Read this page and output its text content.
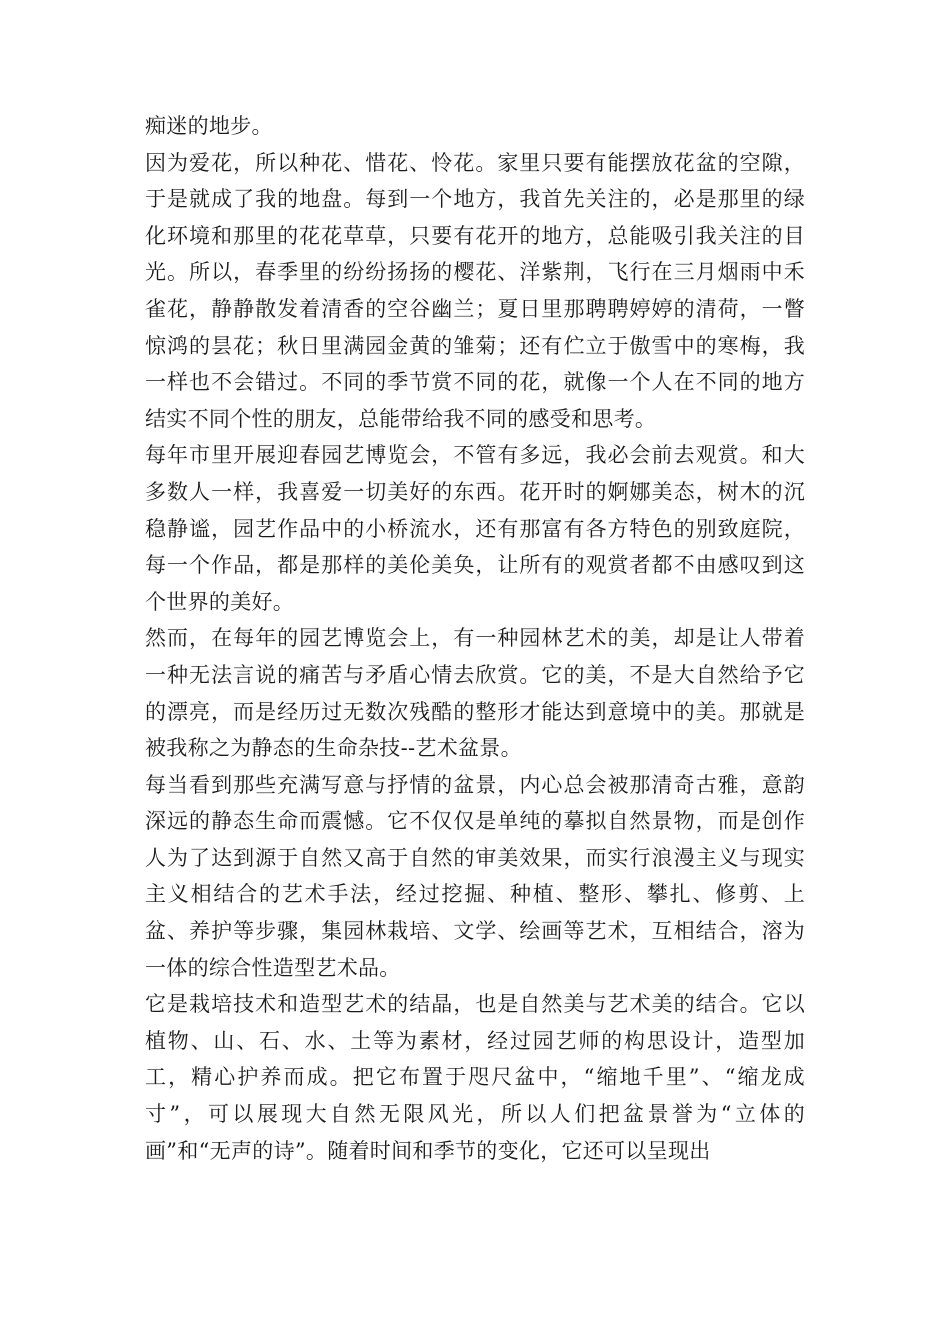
痴迷的地步。

因为爱花，所以种花、惜花、怜花。家里只要有能摆放花盆的空隙，于是就成了我的地盘。每到一个地方，我首先关注的，必是那里的绿化环境和那里的花花草草，只要有花开的地方，总能吸引我关注的目光。所以，春季里的纷纷扬扬的樱花、洋紫荆，飞行在三月烟雨中禾雀花，静静散发着清香的空谷幽兰；夏日里那聘聘婷婷的清荷，一瞥惊鸿的昙花；秋日里满园金黄的雏菊；还有伫立于傲雪中的寒梅，我一样也不会错过。不同的季节赏不同的花，就像一个人在不同的地方结实不同个性的朋友，总能带给我不同的感受和思考。

每年市里开展迎春园艺博览会，不管有多远，我必会前去观赏。和大多数人一样，我喜爱一切美好的东西。花开时的婀娜美态，树木的沉稳静谧，园艺作品中的小桥流水，还有那富有各方特色的别致庭院，每一个作品，都是那样的美伦美奂，让所有的观赏者都不由感叹到这个世界的美好。

然而，在每年的园艺博览会上，有一种园林艺术的美，却是让人带着一种无法言说的痛苦与矛盾心情去欣赏。它的美，不是大自然给予它的漂亮，而是经历过无数次残酷的整形才能达到意境中的美。那就是被我称之为静态的生命杂技--艺术盆景。

每当看到那些充满写意与抒情的盆景，内心总会被那清奇古雅，意韵深远的静态生命而震憾。它不仅仅是单纯的摹拟自然景物，而是创作人为了达到源于自然又高于自然的审美效果，而实行浪漫主义与现实主义相结合的艺术手法，经过挖掘、种植、整形、攀扎、修剪、上盆、养护等步骤，集园林栽培、文学、绘画等艺术，互相结合，溶为一体的综合性造型艺术品。

它是栽培技术和造型艺术的结晶，也是自然美与艺术美的结合。它以植物、山、石、水、土等为素材，经过园艺师的构思设计，造型加工，精心护养而成。把它布置于咫尺盆中，“缩地千里”、“缩龙成寸”，可以展现大自然无限风光，所以人们把盆景誉为“立体的画”和“无声的诗”。随着时间和季节的变化，它还可以呈现出
